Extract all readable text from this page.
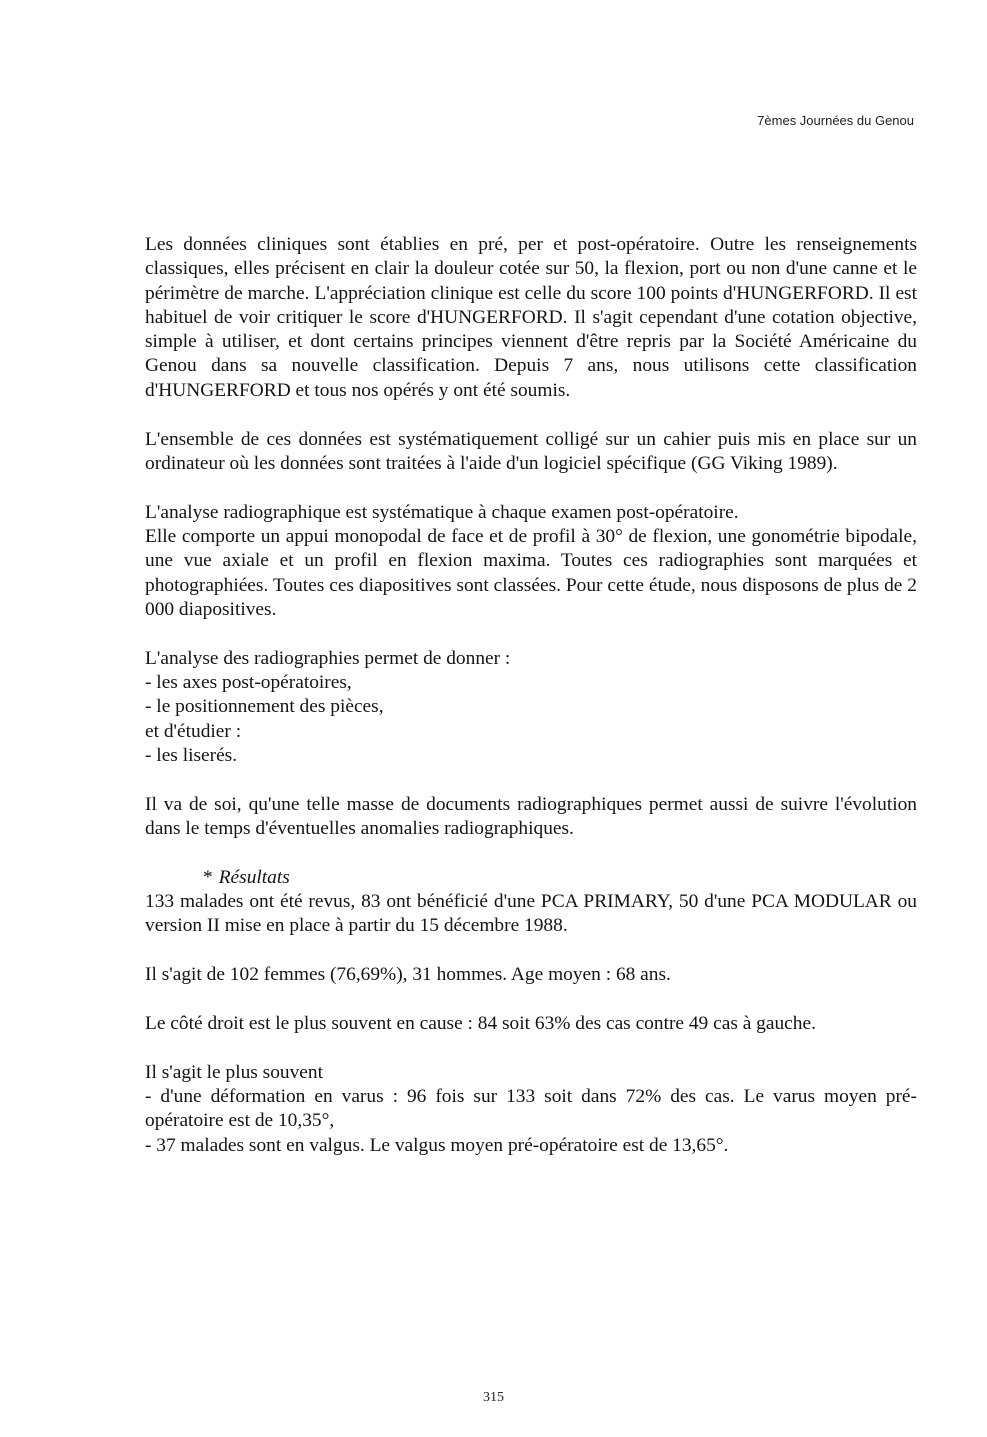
7èmes Journées du Genou

Les données cliniques sont établies en pré, per et post-opératoire. Outre les renseignements classiques, elles précisent en clair la douleur cotée sur 50, la flexion, port ou non d'une canne et le périmètre de marche. L'appréciation clinique est celle du score 100 points d'HUNGERFORD. Il est habituel de voir critiquer le score d'HUNGERFORD. Il s'agit cependant d'une cotation objective, simple à utiliser, et dont certains principes viennent d'être repris par la Société Américaine du Genou dans sa nouvelle classification. Depuis 7 ans, nous utilisons cette classification d'HUNGERFORD et tous nos opérés y ont été soumis.

L'ensemble de ces données est systématiquement colligé sur un cahier puis mis en place sur un ordinateur où les données sont traitées à l'aide d'un logiciel spécifique (GG Viking 1989).

L'analyse radiographique est systématique à chaque examen post-opératoire.

Elle comporte un appui monopodal de face et de profil à 30° de flexion, une gonométrie bipodale, une vue axiale et un profil en flexion maxima. Toutes ces radiographies sont marquées et photographiées. Toutes ces diapositives sont classées. Pour cette étude, nous disposons de plus de 2 000 diapositives.

L'analyse des radiographies permet de donner :

- les axes post-opératoires,

- le positionnement des pièces,

et d'étudier :

- les liserés.

Il va de soi, qu'une telle masse de documents radiographiques permet aussi de suivre l'évolution dans le temps d'éventuelles anomalies radiographiques.

* Résultats

133 malades ont été revus, 83 ont bénéficié d'une PCA PRIMARY, 50 d'une PCA MODULAR ou version II mise en place à partir du 15 décembre 1988.

Il s'agit de 102 femmes (76,69%), 31 hommes. Age moyen : 68 ans.

Le côté droit est le plus souvent en cause : 84 soit 63% des cas contre 49 cas à gauche.

Il s'agit le plus souvent

- d'une déformation en varus : 96 fois sur 133 soit dans 72% des cas. Le varus moyen pré-opératoire est de 10,35°,

- 37 malades sont en valgus. Le valgus moyen pré-opératoire est de 13,65°.

315
